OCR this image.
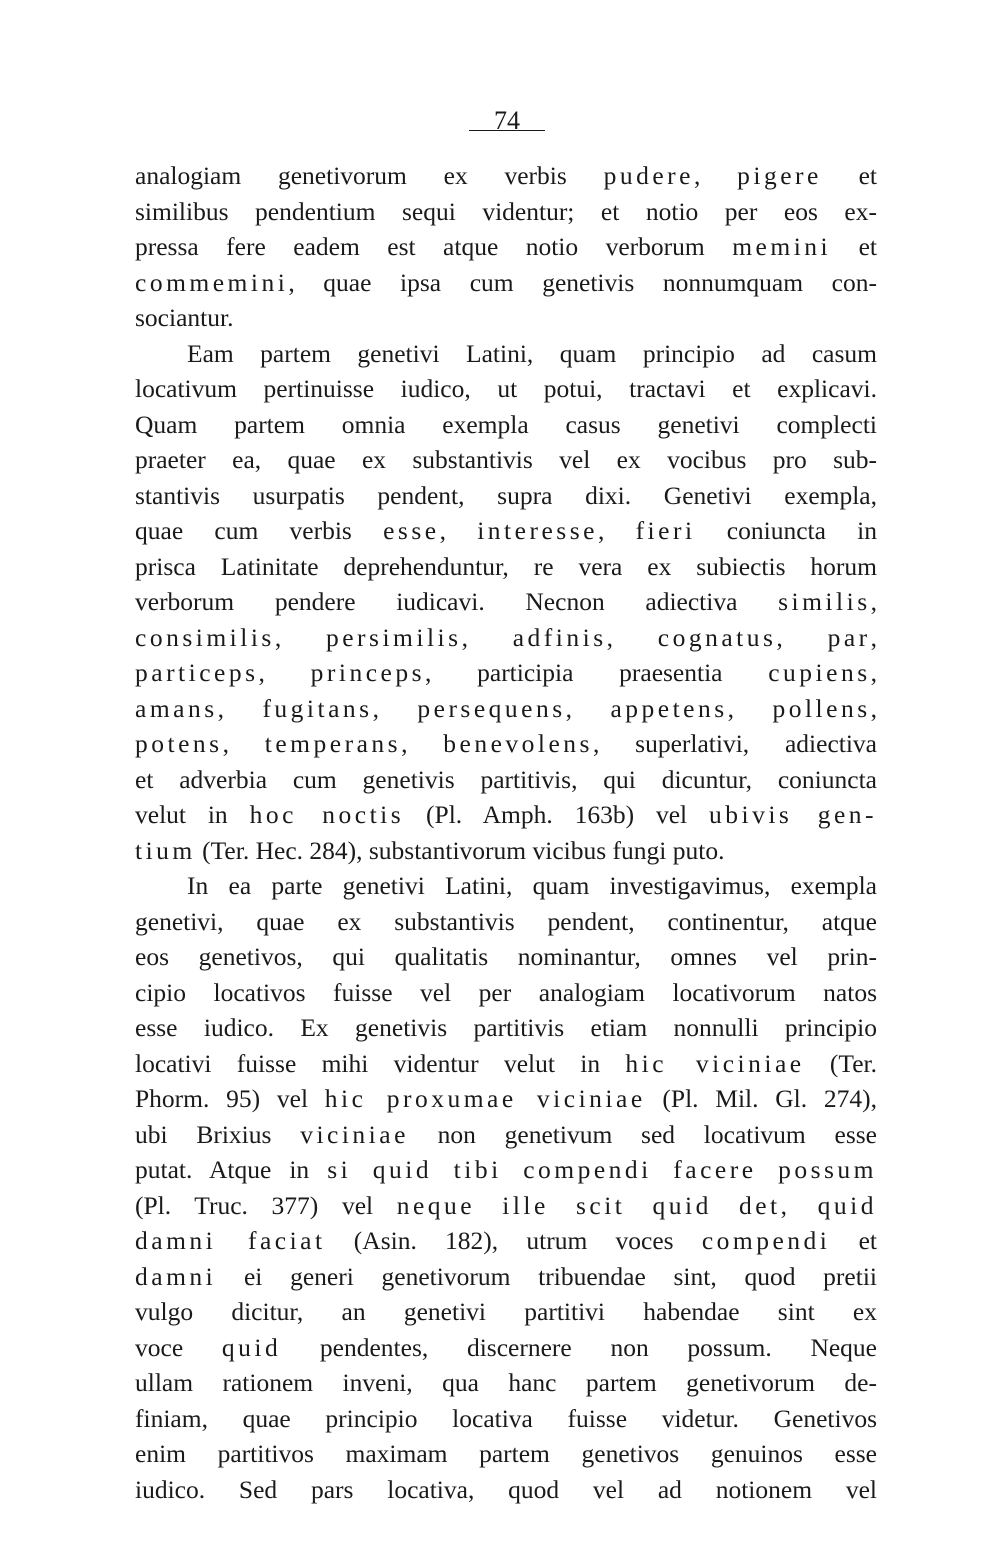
74
analogiam genetivorum ex verbis pudere, pigere et
similibus pendentium sequi videntur; et notio per eos ex-
pressa fere eadem est atque notio verborum memini et
commemini, quae ipsa cum genetivis nonnumquam con-
sociantur.
Eam partem genetivi Latini, quam principio ad casum
locativum pertinuisse iudico, ut potui, tractavi et explicavi.
Quam partem omnia exempla casus genetivi complecti
praeter ea, quae ex substantivis vel ex vocibus pro sub-
stantivis usurpatis pendent, supra dixi. Genetivi exempla,
quae cum verbis esse, interesse, fieri coniuncta in
prisca Latinitate deprehenduntur, re vera ex subiectis horum
verborum pendere iudicavi. Necnon adiectiva similis,
consimilis, persimilis, adfinis, cognatus, par,
particeps, princeps, participia praesentia cupiens,
amans, fugitans, persequens, appetens, pollens,
potens, temperans, benevolens, superlativi, adiectiva
et adverbia cum genetivis partitivis, qui dicuntur, coniuncta
velut in hoc noctis (Pl. Amph. 163b) vel ubivis gen-
tium (Ter. Hec. 284), substantivorum vicibus fungi puto.
In ea parte genetivi Latini, quam investigavimus, exempla
genetivi, quae ex substantivis pendent, continentur, atque
eos genetivos, qui qualitatis nominantur, omnes vel prin-
cipio locativos fuisse vel per analogiam locativorum natos
esse iudico. Ex genetivis partitivis etiam nonnulli principio
locativi fuisse mihi videntur velut in hic viciniae (Ter.
Phorm. 95) vel hic proxumae viciniae (Pl. Mil. Gl. 274),
ubi Brixius viciniae non genetivum sed locativum esse
putat. Atque in si quid tibi compendi facere possum
(Pl. Truc. 377) vel neque ille scit quid det, quid
damni faciat (Asin. 182), utrum voces compendi et
damni ei generi genetivorum tribuendae sint, quod pretii
vulgo dicitur, an genetivi partitivi habendae sint ex
voce quid pendentes, discernere non possum. Neque
ullam rationem inveni, qua hanc partem genetivorum de-
finiam, quae principio locativa fuisse videtur. Genetivos
enim partitivos maximam partem genetivos genuinos esse
iudico. Sed pars locativa, quod vel ad notionem vel
